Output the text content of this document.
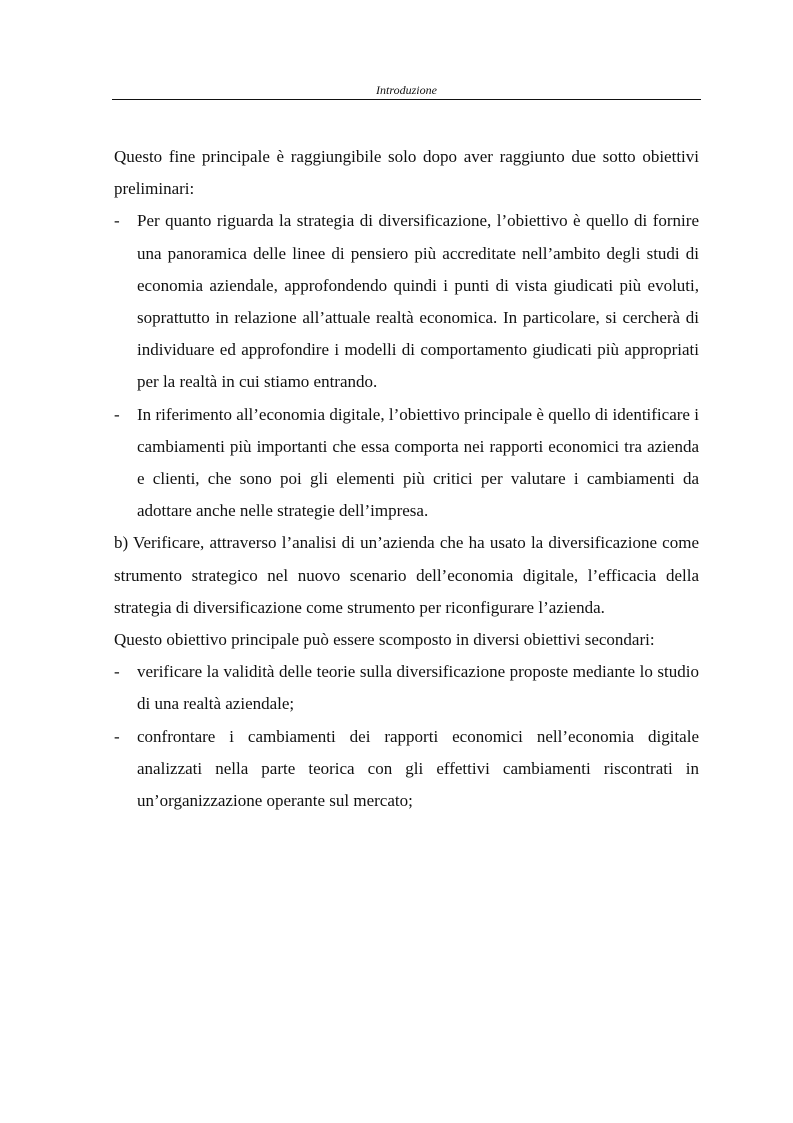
Introduzione

Questo fine principale è raggiungibile solo dopo aver raggiunto due sotto obiettivi preliminari:

- Per quanto riguarda la strategia di diversificazione, l’obiettivo è quello di fornire una panoramica delle linee di pensiero più accreditate nell’ambito degli studi di economia aziendale, approfondendo quindi i punti di vista giudicati più evoluti, soprattutto in relazione all’attuale realtà economica. In particolare, si cercherà di individuare ed approfondire i modelli di comportamento giudicati più appropriati per la realtà in cui stiamo entrando.
- In riferimento all’economia digitale, l’obiettivo principale è quello di identificare i cambiamenti più importanti che essa comporta nei rapporti economici tra azienda e clienti, che sono poi gli elementi più critici per valutare i cambiamenti da adottare anche nelle strategie dell’impresa.

b) Verificare, attraverso l’analisi di un’azienda che ha usato la diversificazione come strumento strategico nel nuovo scenario dell’economia digitale, l’efficacia della strategia di diversificazione come strumento per riconfigurare l’azienda.

Questo obiettivo principale può essere scomposto in diversi obiettivi secondari:

- verificare la validità delle teorie sulla diversificazione proposte mediante lo studio di una realtà aziendale;
- confrontare i cambiamenti dei rapporti economici nell’economia digitale analizzati nella parte teorica con gli effettivi cambiamenti riscontrati in un’organizzazione operante sul mercato;
